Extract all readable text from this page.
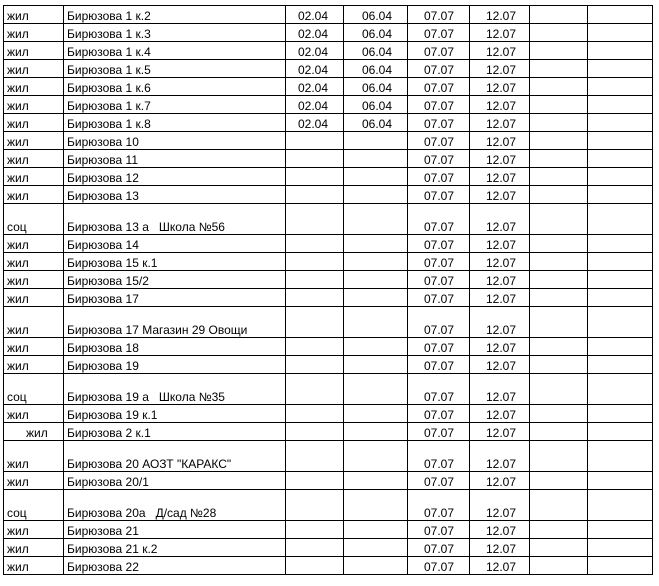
жил	Бирюзова 1 к.2	02.04	06.04	07.07	12.07		
жил	Бирюзова 1 к.3	02.04	06.04	07.07	12.07		
жил	Бирюзова 1 к.4	02.04	06.04	07.07	12.07		
жил	Бирюзова 1 к.5	02.04	06.04	07.07	12.07		
жил	Бирюзова 1 к.6	02.04	06.04	07.07	12.07		
жил	Бирюзова 1 к.7	02.04	06.04	07.07	12.07		
жил	Бирюзова 1 к.8	02.04	06.04	07.07	12.07		
жил	Бирюзова 10			07.07	12.07		
жил	Бирюзова 11			07.07	12.07		
жил	Бирюзова 12			07.07	12.07		
жил	Бирюзова 13			07.07	12.07		
соц	Бирюзова 13 а   Школа №56			07.07	12.07		
жил	Бирюзова 14			07.07	12.07		
жил	Бирюзова 15 к.1			07.07	12.07		
жил	Бирюзова 15/2			07.07	12.07		
жил	Бирюзова 17			07.07	12.07		
жил	Бирюзова 17 Магазин 29 Овощи			07.07	12.07		
жил	Бирюзова 18			07.07	12.07		
жил	Бирюзова 19			07.07	12.07		
соц	Бирюзова 19 а   Школа №35			07.07	12.07		
жил	Бирюзова 19 к.1			07.07	12.07		
жил	Бирюзова 2 к.1			07.07	12.07		
жил	Бирюзова 20 АОЗТ "КАРАКС"			07.07	12.07		
жил	Бирюзова 20/1			07.07	12.07		
соц	Бирюзова 20а   Д/сад №28			07.07	12.07		
жил	Бирюзова 21			07.07	12.07		
жил	Бирюзова 21 к.2			07.07	12.07		
жил	Бирюзова 22			07.07	12.07		
